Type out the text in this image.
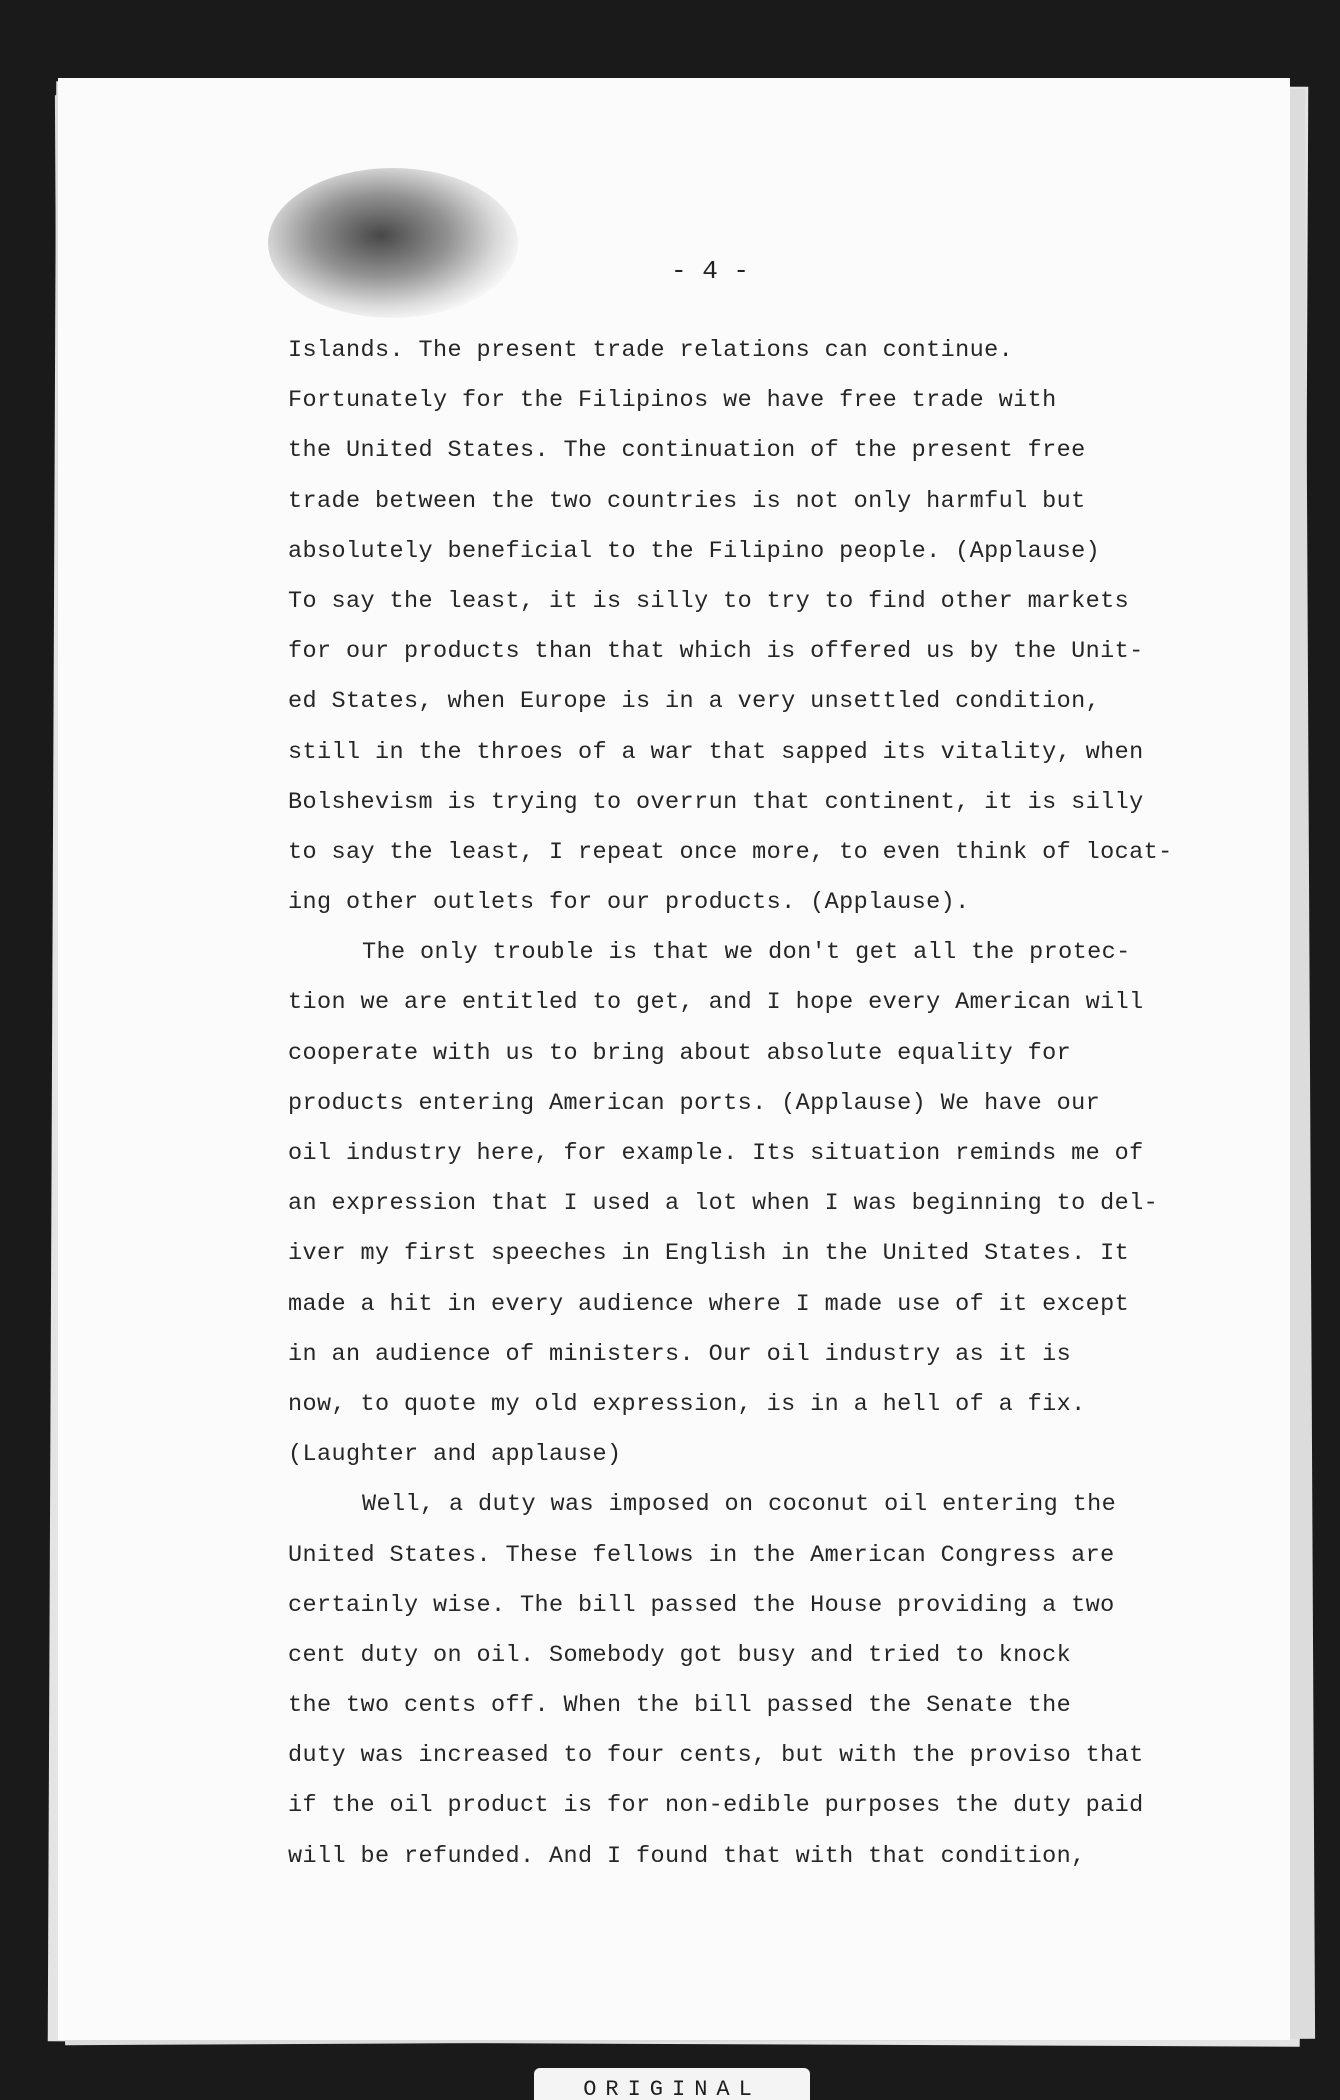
- 4 -
Islands. The present trade relations can continue.
Fortunately for the Filipinos we have free trade with
the United States. The continuation of the present free
trade between the two countries is not only harmful but
absolutely beneficial to the Filipino people. (Applause)
To say the least, it is silly to try to find other markets
for our products than that which is offered us by the Unit-
ed States, when Europe is in a very unsettled condition,
still in the throes of a war that sapped its vitality, when
Bolshevism is trying to overrun that continent, it is silly
to say the least, I repeat once more, to even think of locat-
ing other outlets for our products. (Applause).
The only trouble is that we don't get all the protec-
tion we are entitled to get, and I hope every American will
cooperate with us to bring about absolute equality for
products entering American ports. (Applause) We have our
oil industry here, for example. Its situation reminds me of
an expression that I used a lot when I was beginning to del-
iver my first speeches in English in the United States. It
made a hit in every audience where I made use of it except
in an audience of ministers. Our oil industry as it is
now, to quote my old expression, is in a hell of a fix.
(Laughter and applause)
Well, a duty was imposed on coconut oil entering the
United States. These fellows in the American Congress are
certainly wise. The bill passed the House providing a two
cent duty on oil. Somebody got busy and tried to knock
the two cents off. When the bill passed the Senate the
duty was increased to four cents, but with the proviso that
if the oil product is for non-edible purposes the duty paid
will be refunded. And I found that with that condition,
ORIGINAL
